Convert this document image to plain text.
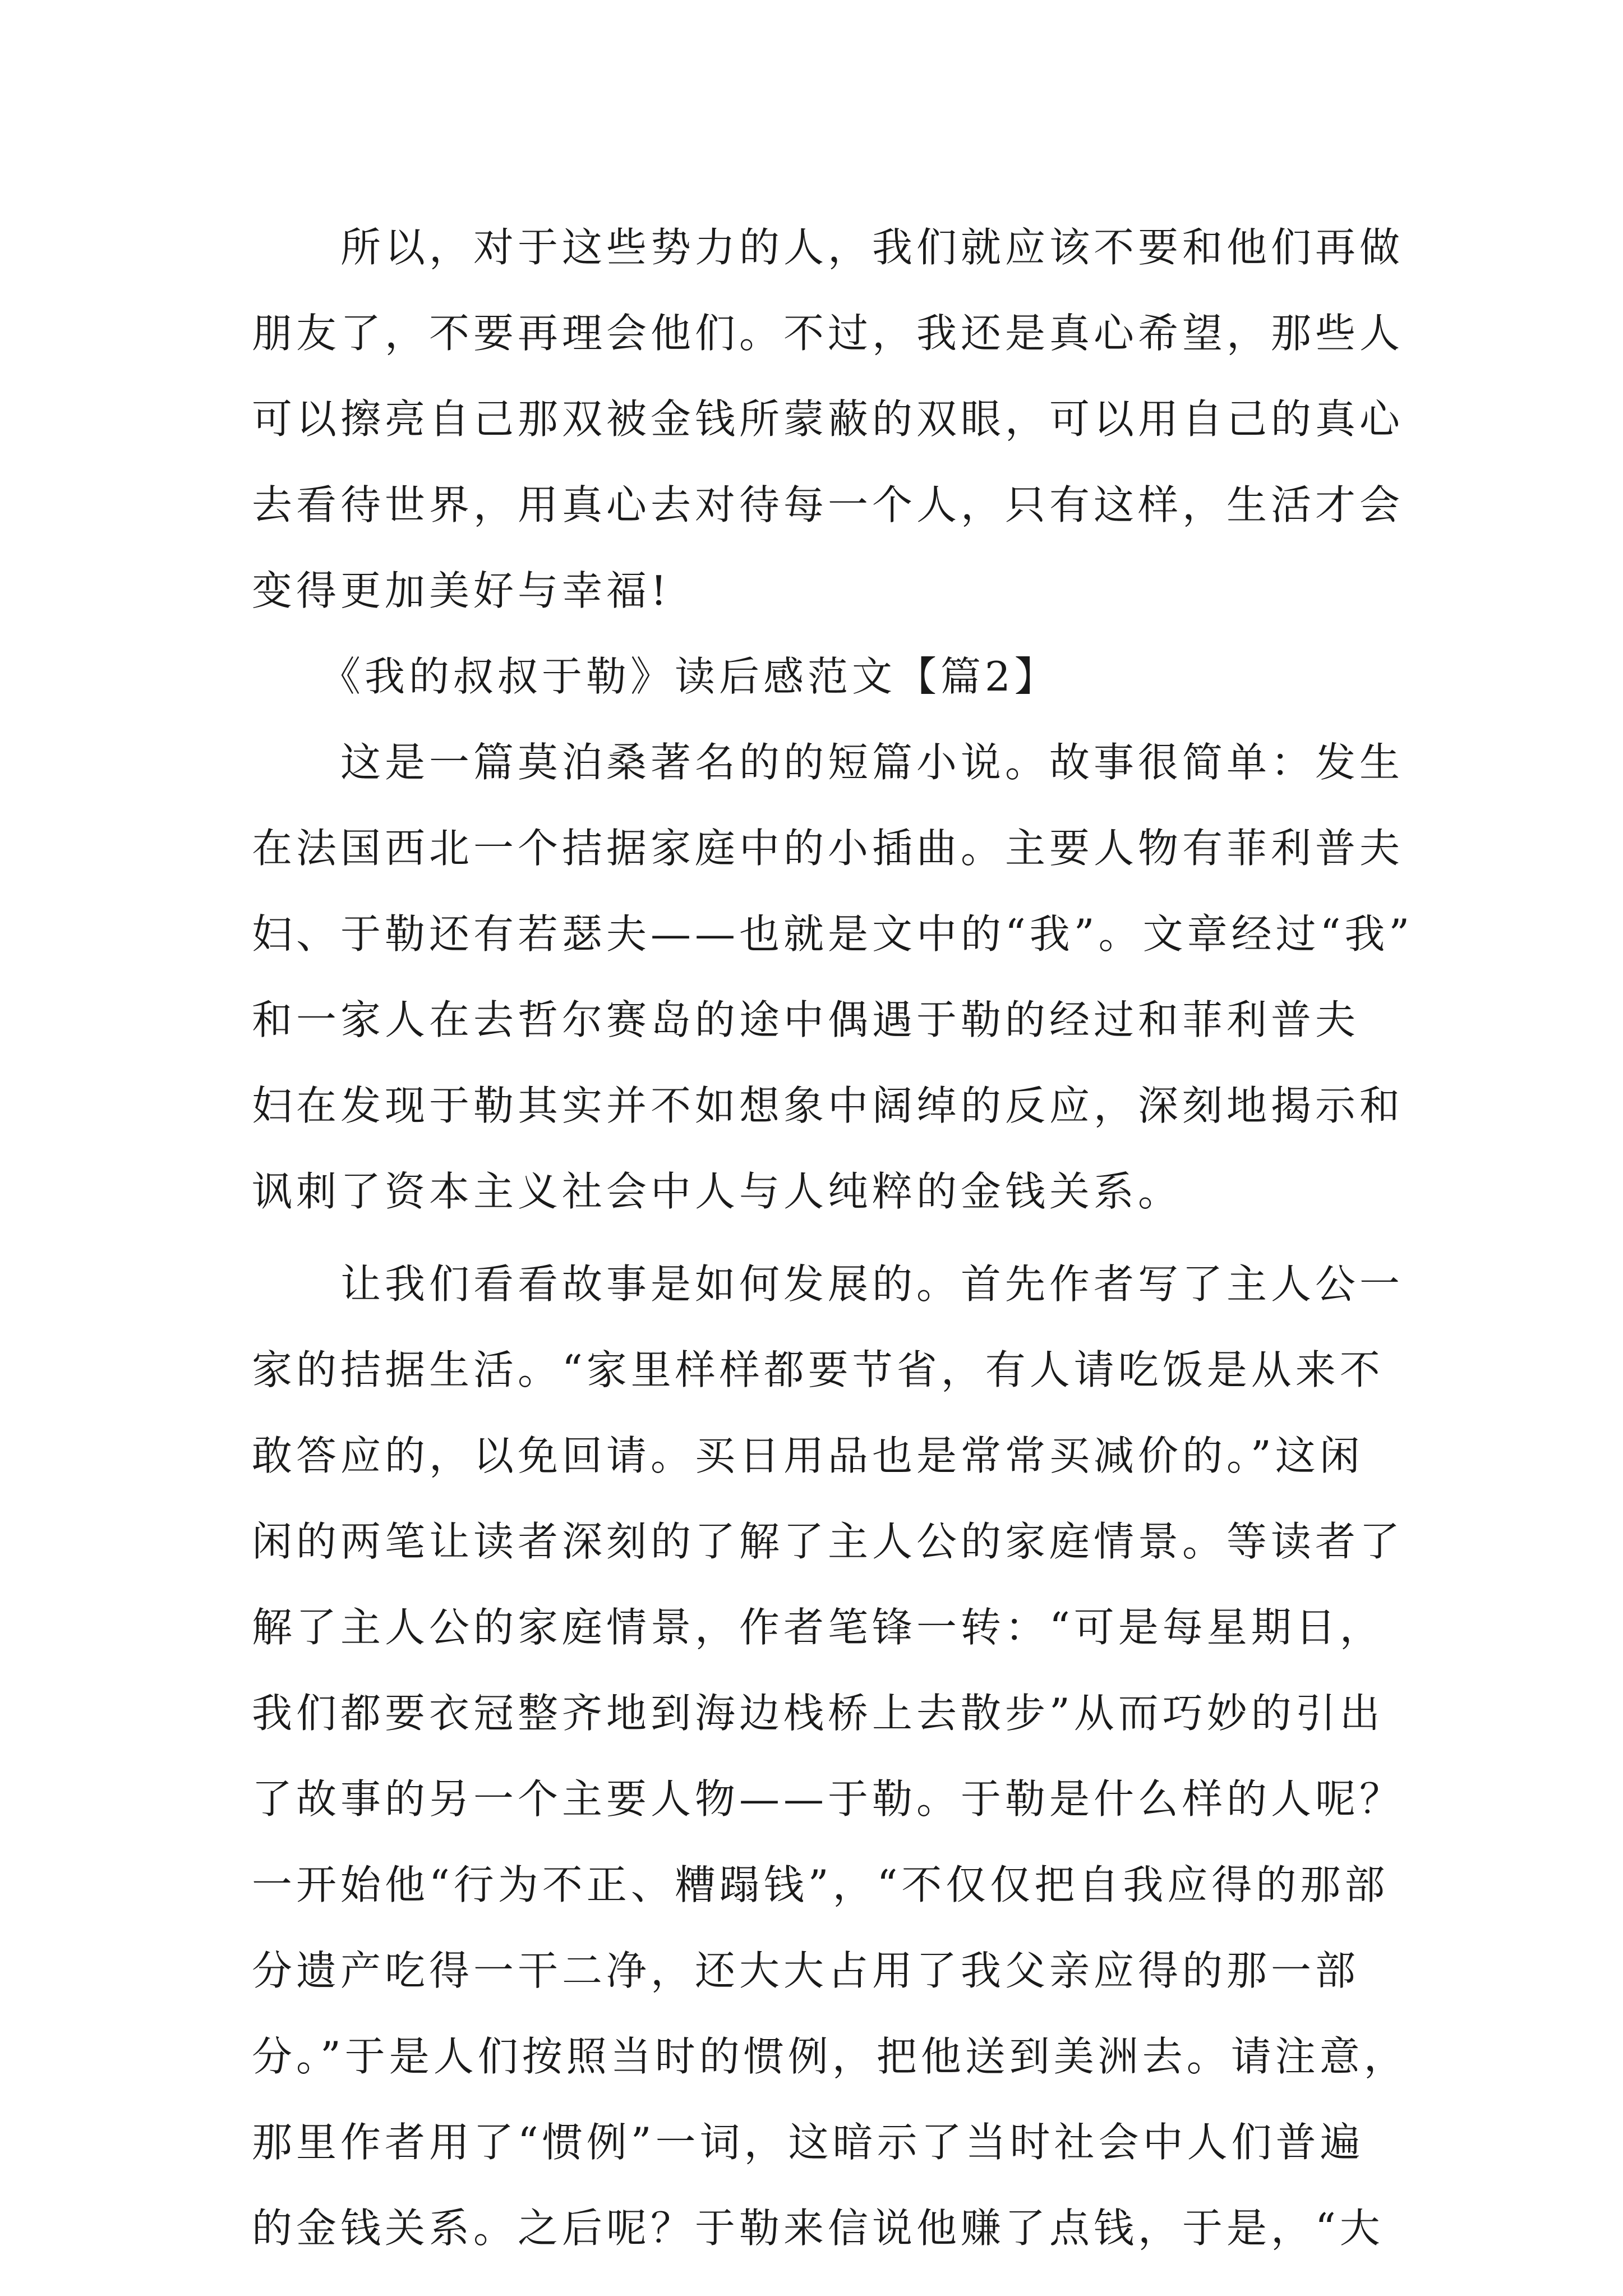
　　所以，对于这些势力的人，我们就应该不要和他们再做
朋友了，不要再理会他们。不过，我还是真心希望，那些人
可以擦亮自己那双被金钱所蒙蔽的双眼，可以用自己的真心
去看待世界，用真心去对待每一个人，只有这样，生活才会
变得更加美好与幸福!
　　《我的叔叔于勒》读后感范文【篇2】
　　这是一篇莫泊桑著名的的短篇小说。故事很简单：发生
在法国西北一个拮据家庭中的小插曲。主要人物有菲利普夫
妇、于勒还有若瑟夫——也就是文中的“我”。文章经过“我”
和一家人在去哲尔赛岛的途中偶遇于勒的经过和菲利普夫
妇在发现于勒其实并不如想象中阔绰的反应，深刻地揭示和
讽刺了资本主义社会中人与人纯粹的金钱关系。
　　让我们看看故事是如何发展的。首先作者写了主人公一
家的拮据生活。“家里样样都要节省，有人请吃饭是从来不
敢答应的，以免回请。买日用品也是常常买减价的。”这闲
闲的两笔让读者深刻的了解了主人公的家庭情景。等读者了
解了主人公的家庭情景，作者笔锋一转：“可是每星期日，
我们都要衣冠整齐地到海边栈桥上去散步”从而巧妙的引出
了故事的另一个主要人物——于勒。于勒是什么样的人呢？
一开始他“行为不正、糟蹋钱”，“不仅仅把自我应得的那部
分遗产吃得一干二净，还大大占用了我父亲应得的那一部
分。”于是人们按照当时的惯例，把他送到美洲去。请注意，
那里作者用了“惯例”一词，这暗示了当时社会中人们普遍
的金钱关系。之后呢？于勒来信说他赚了点钱，于是，“大
